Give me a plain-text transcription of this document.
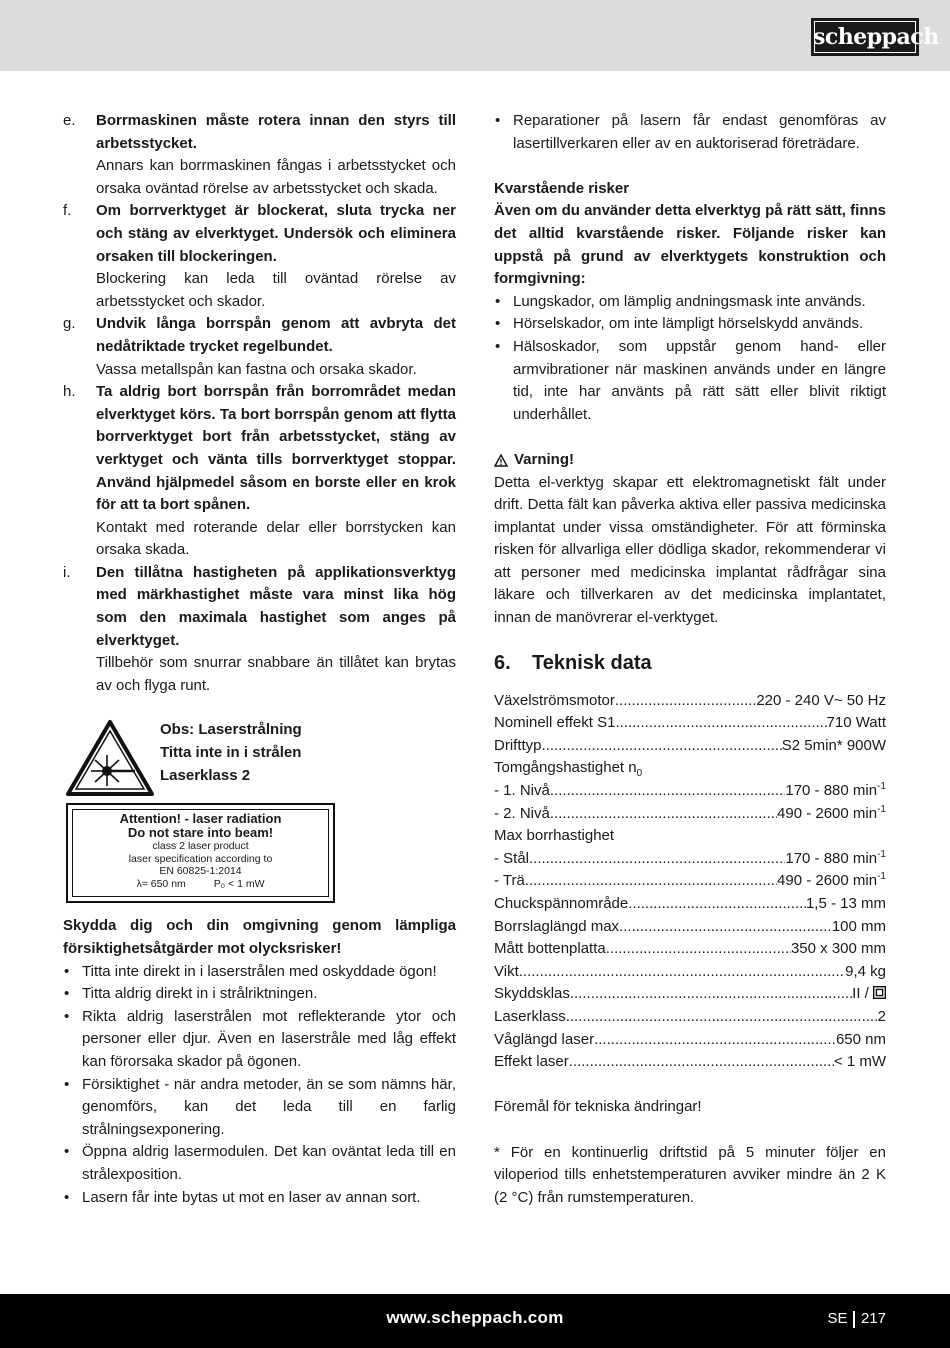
scheppach
e.	Borrmaskinen måste rotera innan den styrs till arbetsstycket.

Annars kan borrmaskinen fångas i arbetsstycket och orsaka oväntad rörelse av arbetsstycket och skada.

f.	Om borrverktyget är blockerat, sluta trycka ner och stäng av elverktyget. Undersök och eliminera orsaken till blockeringen.

Blockering kan leda till oväntad rörelse av arbetsstycket och skador.

g.	Undvik långa borrspån genom att avbryta det nedåtriktade trycket regelbundet.

Vassa metallspån kan fastna och orsaka skador.

h.	Ta aldrig bort borrspån från borrområdet medan elverktyget körs. Ta bort borrspån genom att flytta borrverktyget bort från arbetsstycket, stäng av verktyget och vänta tills borrverktyget stoppar. Använd hjälpmedel såsom en borste eller en krok för att ta bort spånen.

Kontakt med roterande delar eller borrstycken kan orsaka skada.

i.	Den tillåtna hastigheten på applikationsverktyg med märkhastighet måste vara minst lika hög som den maximala hastighet som anges på elverktyget.

Tillbehör som snurrar snabbare än tillåtet kan brytas av och flyga runt.

Obs: Laserstrålning
Titta inte in i strålen
Laserklass 2
Attention! - laser radiation
Do not stare into beam!
class 2 laser product
laser specification according to
EN 60825-1:2014
λ= 650 nm	P₀ < 1 mW

Skydda dig och din omgivning genom lämpliga försiktighetsåtgärder mot olycksrisker!

• Titta inte direkt in i laserstrålen med oskyddade ögon!
• Titta aldrig direkt in i strålriktningen.
• Rikta aldrig laserstrålen mot reflekterande ytor och personer eller djur. Även en laserstråle med låg effekt kan förorsaka skador på ögonen.
• Försiktighet - när andra metoder, än se som nämns här, genomförs, kan det leda till en farlig strålningsexponering.
• Öppna aldrig lasermodulen. Det kan oväntat leda till en strålexposition.
• Lasern får inte bytas ut mot en laser av annan sort.
• Reparationer på lasern får endast genomföras av lasertillverkaren eller av en auktoriserad företrädare.

Kvarstående risker

Även om du använder detta elverktyg på rätt sätt, finns det alltid kvarstående risker. Följande risker kan uppstå på grund av elverktygets konstruktion och formgivning:

• Lungskador, om lämplig andningsmask inte används.
• Hörselskador, om inte lämpligt hörselskydd används.
• Hälsoskador, som uppstår genom hand- eller armvibrationer när maskinen används under en längre tid, inte har använts på rätt sätt eller blivit riktigt underhållet.
Varning!

Detta el-verktyg skapar ett elektromagnetiskt fält under drift. Detta fält kan påverka aktiva eller passiva medicinska implantat under vissa omständigheter. För att förminska risken för allvarliga eller dödliga skador, rekommenderar vi att personer med medicinska implantat rådfrågar sina läkare och tillverkaren av det medicinska implantatet, innan de manövrerar el-verktyget.

6.	Teknisk data
Växelströmsmotor .....	220 - 240 V~ 50 Hz
Nominell effekt S1 .....	710 Watt
Drifttyp .....	S2 5min* 900W
Tomgångshastighet $n_0$
- 1. Nivå .....	170 - 880 $\min^{-1}$
- 2. Nivå .....	490 - 2600 $\min^{-1}$
Max borrhastighet
- Stål .....	170 - 880 $\min^{-1}$
- Trä .....	490 - 2600 $\min^{-1}$
Chuckspännområde .....	1,5 - 13 mm
Borrslaglängd max .....	100 mm
Mått bottenplatta .....	350 x 300 mm
Vikt .....	9,4 kg
Skyddsklas .....	II /
Laserklass .....	2
Våglängd laser .....	650 nm
Effekt laser .....	< 1 mW

Föremål för tekniska ändringar!

* För en kontinuerlig driftstid på 5 minuter följer en viloperiod tills enhetstemperaturen avviker mindre än 2 K (2 °C) från rumstemperaturen.

www.scheppach.com	SE 217
